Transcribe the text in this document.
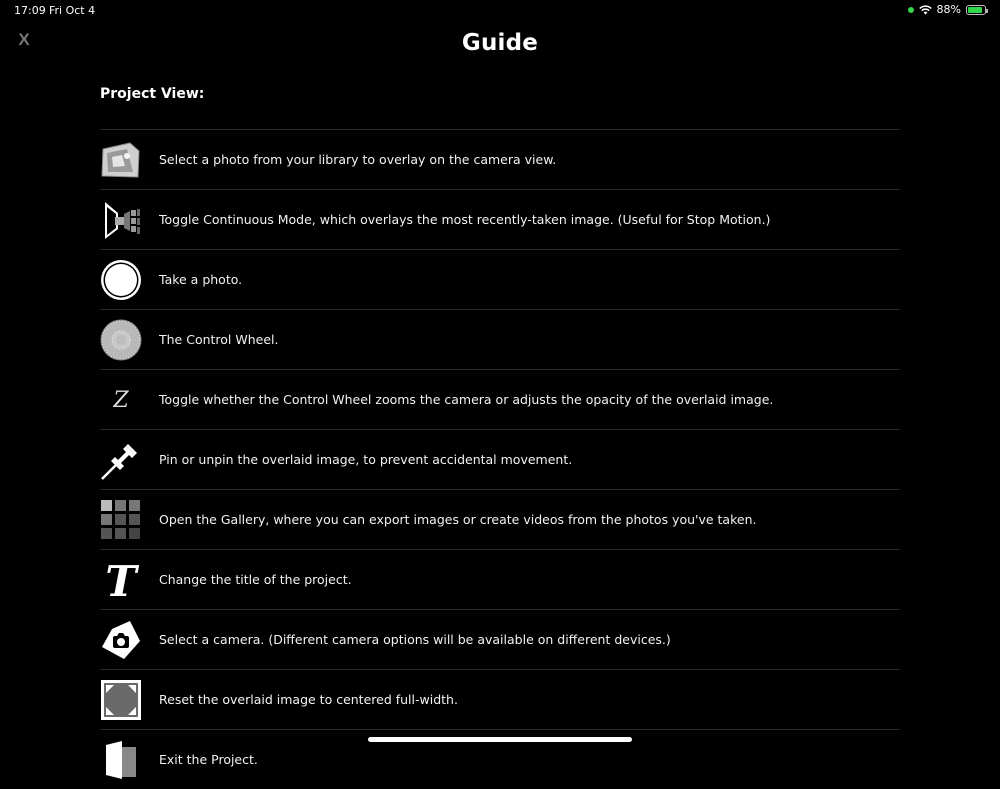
17:09 Fri Oct 4	88%
X	Guide
Project View:
Select a photo from your library to overlay on the camera view.
Toggle Continuous Mode, which overlays the most recently-taken image. (Useful for Stop Motion.)
Take a photo.
The Control Wheel.
Z Toggle whether the Control Wheel zooms the camera or adjusts the opacity of the overlaid image.
Pin or unpin the overlaid image, to prevent accidental movement.
Open the Gallery, where you can export images or create videos from the photos you've taken.
T Change the title of the project.
Select a camera. (Different camera options will be available on different devices.)
Reset the overlaid image to centered full-width.
Exit the Project.
